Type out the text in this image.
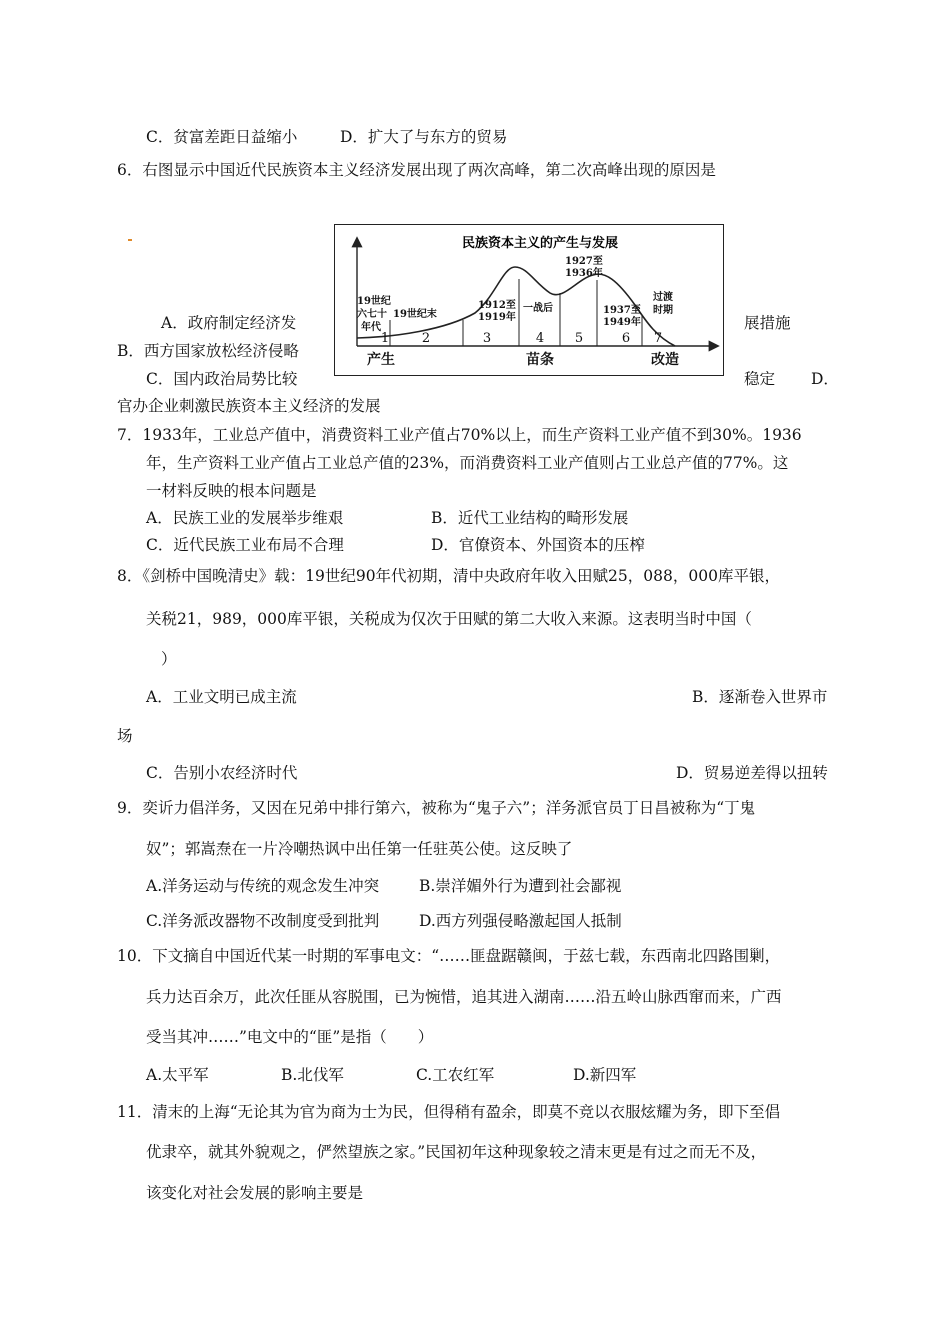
C．贫富差距日益缩小	D．扩大了与东方的贸易
6．右图显示中国近代民族资本主义经济发展出现了两次高峰，第二次高峰出现的原因是
民族资本主义的产生与发展
19世纪
六七十
年代
19世纪末
1912至
1919年
一战后
1927至
1936年
1937至
1949年
过渡
时期
1	2	3	4 5	6 7
产生	苗条	改造
A．政府制定经济发	展措施
B．西方国家放松经济侵略
C．国内政治局势比较	稳定 D．
官办企业刺激民族资本主义经济的发展
7．1933年，工业总产值中，消费资料工业产值占70%以上，而生产资料工业产值不到30%。1936
年，生产资料工业产值占工业总产值的23%，而消费资料工业产值则占工业总产值的77%。这
一材料反映的根本问题是
A．民族工业的发展举步维艰	B．近代工业结构的畸形发展
C．近代民族工业布局不合理	D．官僚资本、外国资本的压榨
8．《剑桥中国晚清史》载：19世纪90年代初期，清中央政府年收入田赋25，088，000库平银，
关税21，989，000库平银，关税成为仅次于田赋的第二大收入来源。这表明当时中国（
）
A．工业文明已成主流	B．逐渐卷入世界市
场
C．告别小农经济时代	D．贸易逆差得以扭转
9．奕䜣力倡洋务，又因在兄弟中排行第六，被称为“鬼子六”；洋务派官员丁日昌被称为“丁鬼
奴”；郭嵩焘在一片冷嘲热讽中出任第一任驻英公使。这反映了
A.洋务运动与传统的观念发生冲突	B.崇洋媚外行为遭到社会鄙视
C.洋务派改器物不改制度受到批判	D.西方列强侵略激起国人抵制
10．下文摘自中国近代某一时期的军事电文：“……匪盘踞赣闽，于兹七载，东西南北四路围剿，
兵力达百余万，此次任匪从容脱围，已为惋惜，追其进入湖南……沿五岭山脉西窜而来，广西
受当其冲……”电文中的“匪”是指（　　）
A.太平军	B.北伐军	C.工农红军	D.新四军
11．清末的上海“无论其为官为商为士为民，但得稍有盈余，即莫不竞以衣服炫耀为务，即下至倡
优隶卒，就其外貌观之，俨然望族之家。”民国初年这种现象较之清末更是有过之而无不及，
该变化对社会发展的影响主要是
